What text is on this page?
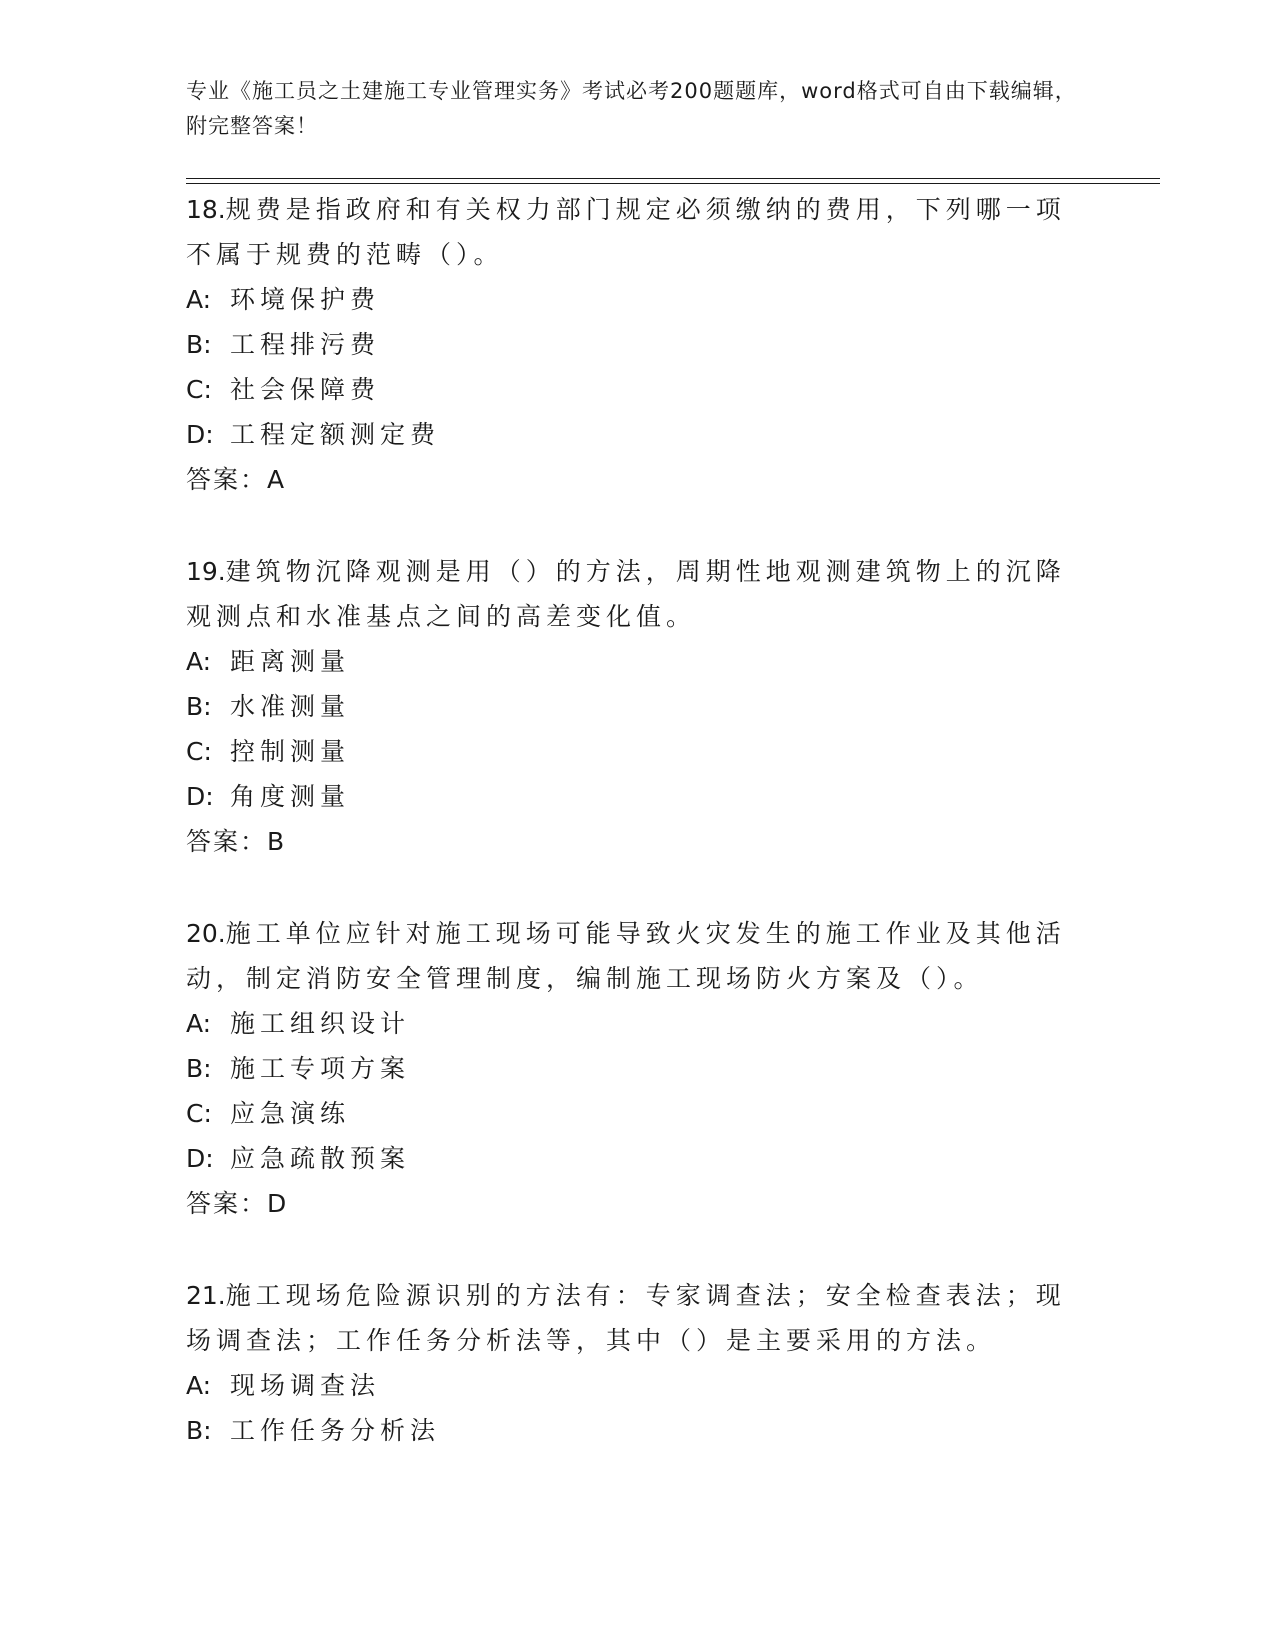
专业《施工员之土建施工专业管理实务》考试必考200题题库，word格式可自由下载编辑，附完整答案！

18.规费是指政府和有关权力部门规定必须缴纳的费用，下列哪一项不属于规费的范畴（）。

A: 环境保护费

B: 工程排污费

C: 社会保障费

D: 工程定额测定费

答案：A

19.建筑物沉降观测是用（）的方法，周期性地观测建筑物上的沉降观测点和水准基点之间的高差变化值。

A: 距离测量

B: 水准测量

C: 控制测量

D: 角度测量

答案：B

20.施工单位应针对施工现场可能导致火灾发生的施工作业及其他活动，制定消防安全管理制度，编制施工现场防火方案及（）。

A: 施工组织设计

B: 施工专项方案

C: 应急演练

D: 应急疏散预案

答案：D

21.施工现场危险源识别的方法有：专家调查法；安全检查表法；现场调查法；工作任务分析法等，其中（）是主要采用的方法。

A: 现场调查法

B: 工作任务分析法
